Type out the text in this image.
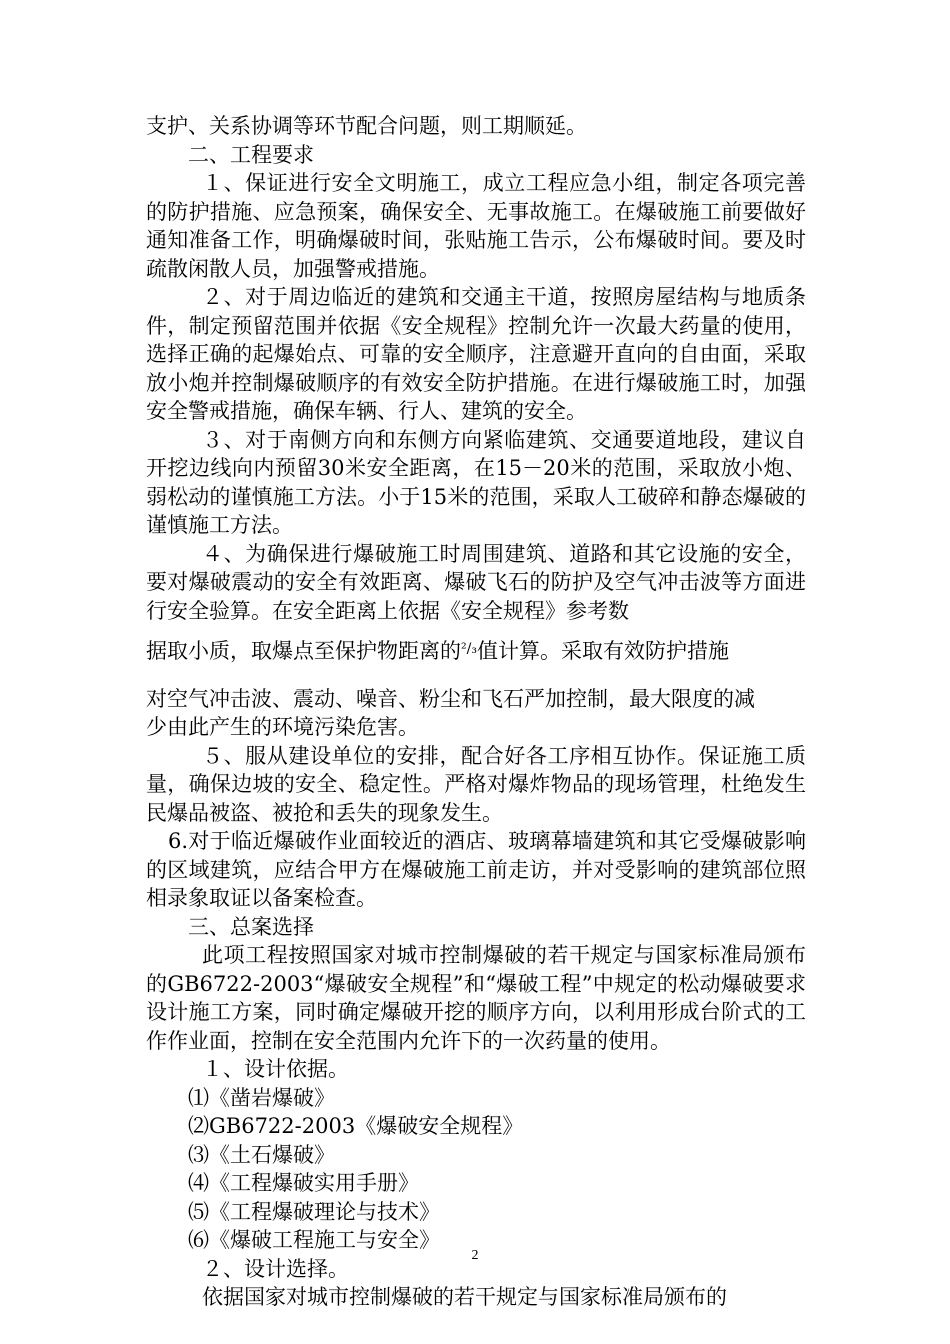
支护、关系协调等环节配合问题，则工期顺延。

二、工程要求

１、保证进行安全文明施工，成立工程应急小组，制定各项完善的防护措施、应急预案，确保安全、无事故施工。在爆破施工前要做好通知准备工作，明确爆破时间，张贴施工告示，公布爆破时间。要及时疏散闲散人员，加强警戒措施。

２、对于周边临近的建筑和交通主干道，按照房屋结构与地质条件，制定预留范围并依据《安全规程》控制允许一次最大药量的使用，选择正确的起爆始点、可靠的安全顺序，注意避开直向的自由面，采取放小炮并控制爆破顺序的有效安全防护措施。在进行爆破施工时，加强安全警戒措施，确保车辆、行人、建筑的安全。

３、对于南侧方向和东侧方向紧临建筑、交通要道地段，建议自开挖边线向内预留30米安全距离，在15－20米的范围，采取放小炮、弱松动的谨慎施工方法。小于15米的范围，采取人工破碎和静态爆破的谨慎施工方法。

４、为确保进行爆破施工时周围建筑、道路和其它设施的安全，要对爆破震动的安全有效距离、爆破飞石的防护及空气冲击波等方面进行安全验算。在安全距离上依据《安全规程》参考数

据取小质，取爆点至保护物距离的$^{^2/_3}$值计算。采取有效防护措施

对空气冲击波、震动、噪音、粉尘和飞石严加控制，最大限度的减

少由此产生的环境污染危害。

５、服从建设单位的安排，配合好各工序相互协作。保证施工质量，确保边坡的安全、稳定性。严格对爆炸物品的现场管理，杜绝发生民爆品被盗、被抢和丢失的现象发生。

6.对于临近爆破作业面较近的酒店、玻璃幕墙建筑和其它受爆破影响的区域建筑，应结合甲方在爆破施工前走访，并对受影响的建筑部位照相录象取证以备案检查。

三、总案选择

此项工程按照国家对城市控制爆破的若干规定与国家标准局颁布的GB6722-2003“爆破安全规程”和“爆破工程”中规定的松动爆破要求设计施工方案，同时确定爆破开挖的顺序方向，以利用形成台阶式的工作作业面，控制在安全范围内允许下的一次药量的使用。

１、设计依据。

⑴《凿岩爆破》

⑵GB6722-2003《爆破安全规程》

⑶《土石爆破》

⑷《工程爆破实用手册》

⑸《工程爆破理论与技术》

⑹《爆破工程施工与安全》

２、设计选择。

依据国家对城市控制爆破的若干规定与国家标准局颁布的

2
